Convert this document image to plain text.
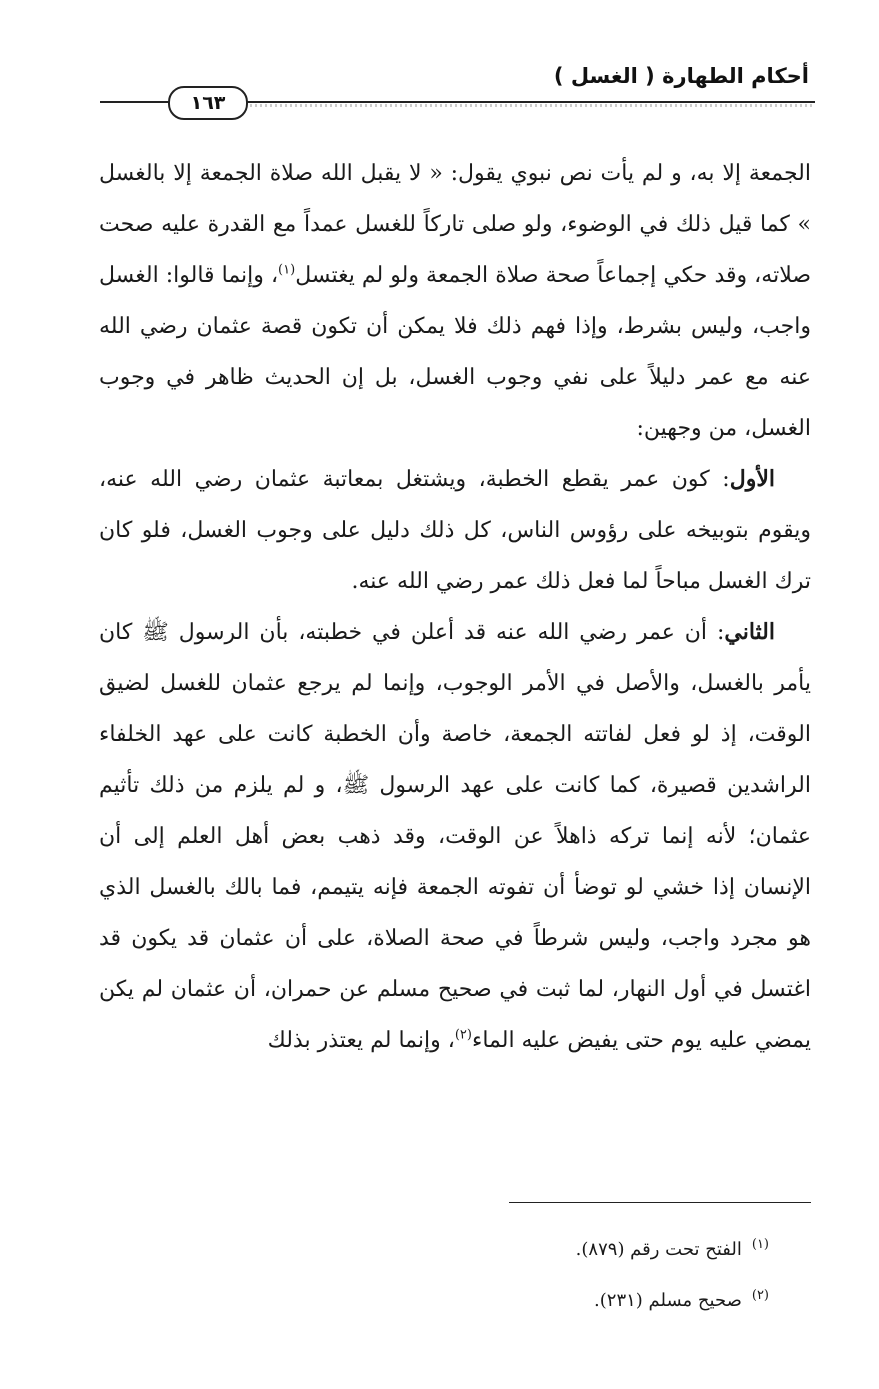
أحكام الطهارة ( الغسل )
١٦٣

الجمعة إلا به، و لم يأت نص نبوي يقول: « لا يقبل الله صلاة الجمعة إلا بالغسل » كما قيل ذلك في الوضوء، ولو صلى تاركاً للغسل عمداً مع القدرة عليه صحت صلاته، وقد حكي إجماعاً صحة صلاة الجمعة ولو لم يغتسل$^{(١)}$، وإنما قالوا: الغسل واجب، وليس بشرط، وإذا فهم ذلك فلا يمكن أن تكون قصة عثمان رضي الله عنه مع عمر دليلاً على نفي وجوب الغسل، بل إن الحديث ظاهر في وجوب الغسل، من وجهين:

الأول: كون عمر يقطع الخطبة، ويشتغل بمعاتبة عثمان رضي الله عنه، ويقوم بتوبيخه على رؤوس الناس، كل ذلك دليل على وجوب الغسل، فلو كان ترك الغسل مباحاً لما فعل ذلك عمر رضي الله عنه.

الثاني: أن عمر رضي الله عنه قد أعلن في خطبته، بأن الرسول ﷺ كان يأمر بالغسل، والأصل في الأمر الوجوب، وإنما لم يرجع عثمان للغسل لضيق الوقت، إذ لو فعل لفاتته الجمعة، خاصة وأن الخطبة كانت على عهد الخلفاء الراشدين قصيرة، كما كانت على عهد الرسول ﷺ، و لم يلزم من ذلك تأثيم عثمان؛ لأنه إنما تركه ذاهلاً عن الوقت، وقد ذهب بعض أهل العلم إلى أن الإنسان إذا خشي لو توضأ أن تفوته الجمعة فإنه يتيمم، فما بالك بالغسل الذي هو مجرد واجب، وليس شرطاً في صحة الصلاة، على أن عثمان قد يكون قد اغتسل في أول النهار، لما ثبت في صحيح مسلم عن حمران، أن عثمان لم يكن يمضي عليه يوم حتى يفيض عليه الماء$^{(٢)}$، وإنما لم يعتذر بذلك

$^{(١)}$الفتح تحت رقم (٨٧٩).
$^{(٢)}$صحيح مسلم (٢٣١).
